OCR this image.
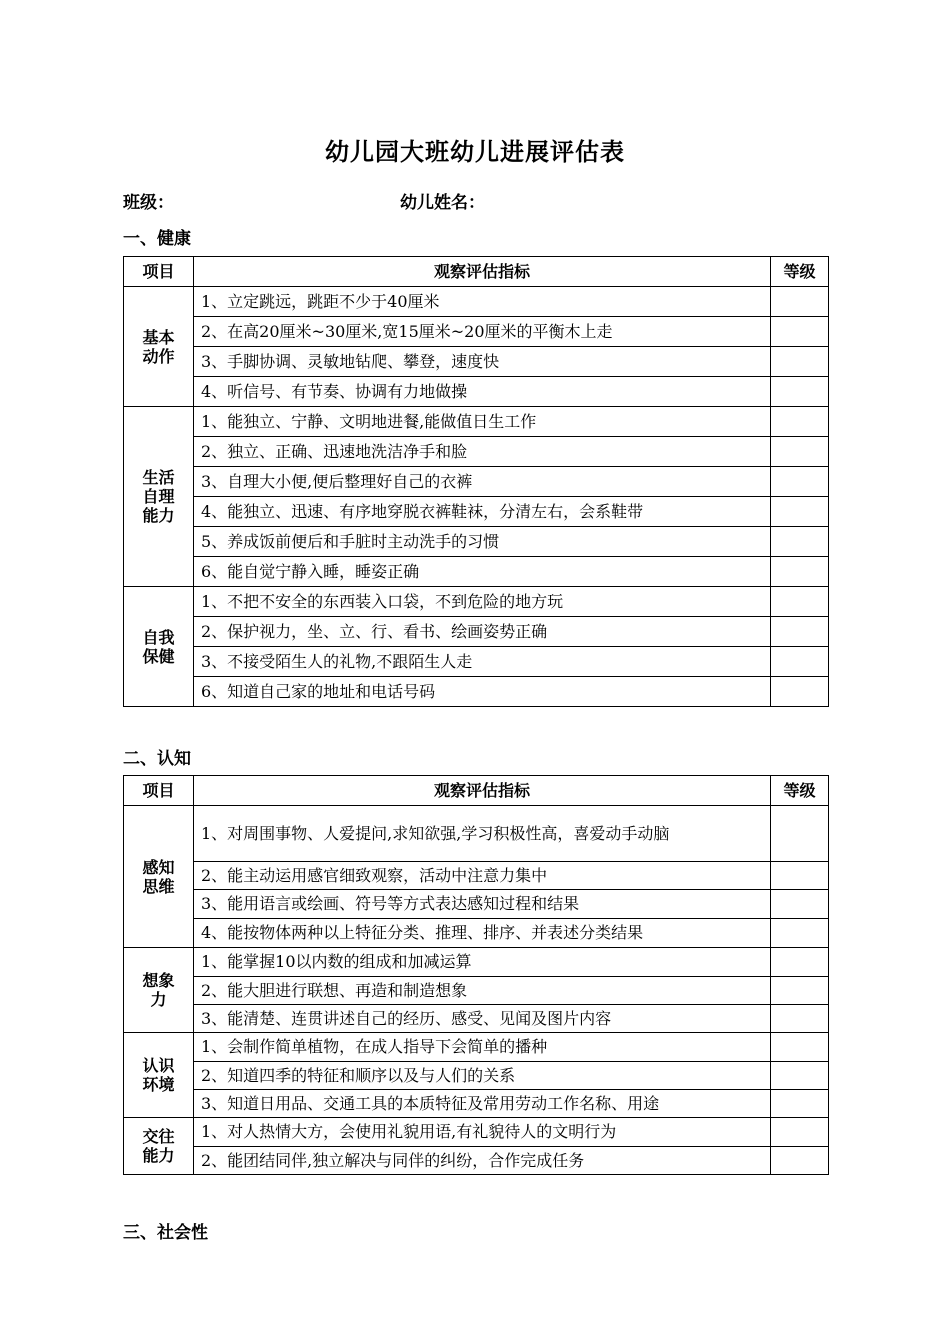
幼儿园大班幼儿进展评估表
班级：	幼儿姓名：
一、健康
项目	观察评估指标	等级
基本动作	1、立定跳远，跳距不少于40厘米	
	2、在高20厘米~30厘米,宽15厘米~20厘米的平衡木上走	
	3、手脚协调、灵敏地钻爬、攀登，速度快	
	4、听信号、有节奏、协调有力地做操	
生活自理能力	1、能独立、宁静、文明地进餐,能做值日生工作	
	2、独立、正确、迅速地洗洁净手和脸	
	3、自理大小便,便后整理好自己的衣裤	
	4、能独立、迅速、有序地穿脱衣裤鞋袜，分清左右，会系鞋带	
	5、养成饭前便后和手脏时主动洗手的习惯	
	6、能自觉宁静入睡，睡姿正确	
自我保健	1、不把不安全的东西装入口袋，不到危险的地方玩	
	2、保护视力，坐、立、行、看书、绘画姿势正确	
	3、不接受陌生人的礼物,不跟陌生人走	
	6、知道自己家的地址和电话号码	
二、认知
项目	观察评估指标	等级
感知思维	1、对周围事物、人爱提问,求知欲强,学习积极性高，喜爱动手动脑	
	2、能主动运用感官细致观察，活动中注意力集中	
	3、能用语言或绘画、符号等方式表达感知过程和结果	
	4、能按物体两种以上特征分类、推理、排序、并表述分类结果	
想象力	1、能掌握10以内数的组成和加减运算	
	2、能大胆进行联想、再造和制造想象	
	3、能清楚、连贯讲述自己的经历、感受、见闻及图片内容	
认识环境	1、会制作简单植物，在成人指导下会简单的播种	
	2、知道四季的特征和顺序以及与人们的关系	
	3、知道日用品、交通工具的本质特征及常用劳动工作名称、用途	
交往能力	1、对人热情大方，会使用礼貌用语,有礼貌待人的文明行为	
	2、能团结同伴,独立解决与同伴的纠纷，合作完成任务	
三、社会性
